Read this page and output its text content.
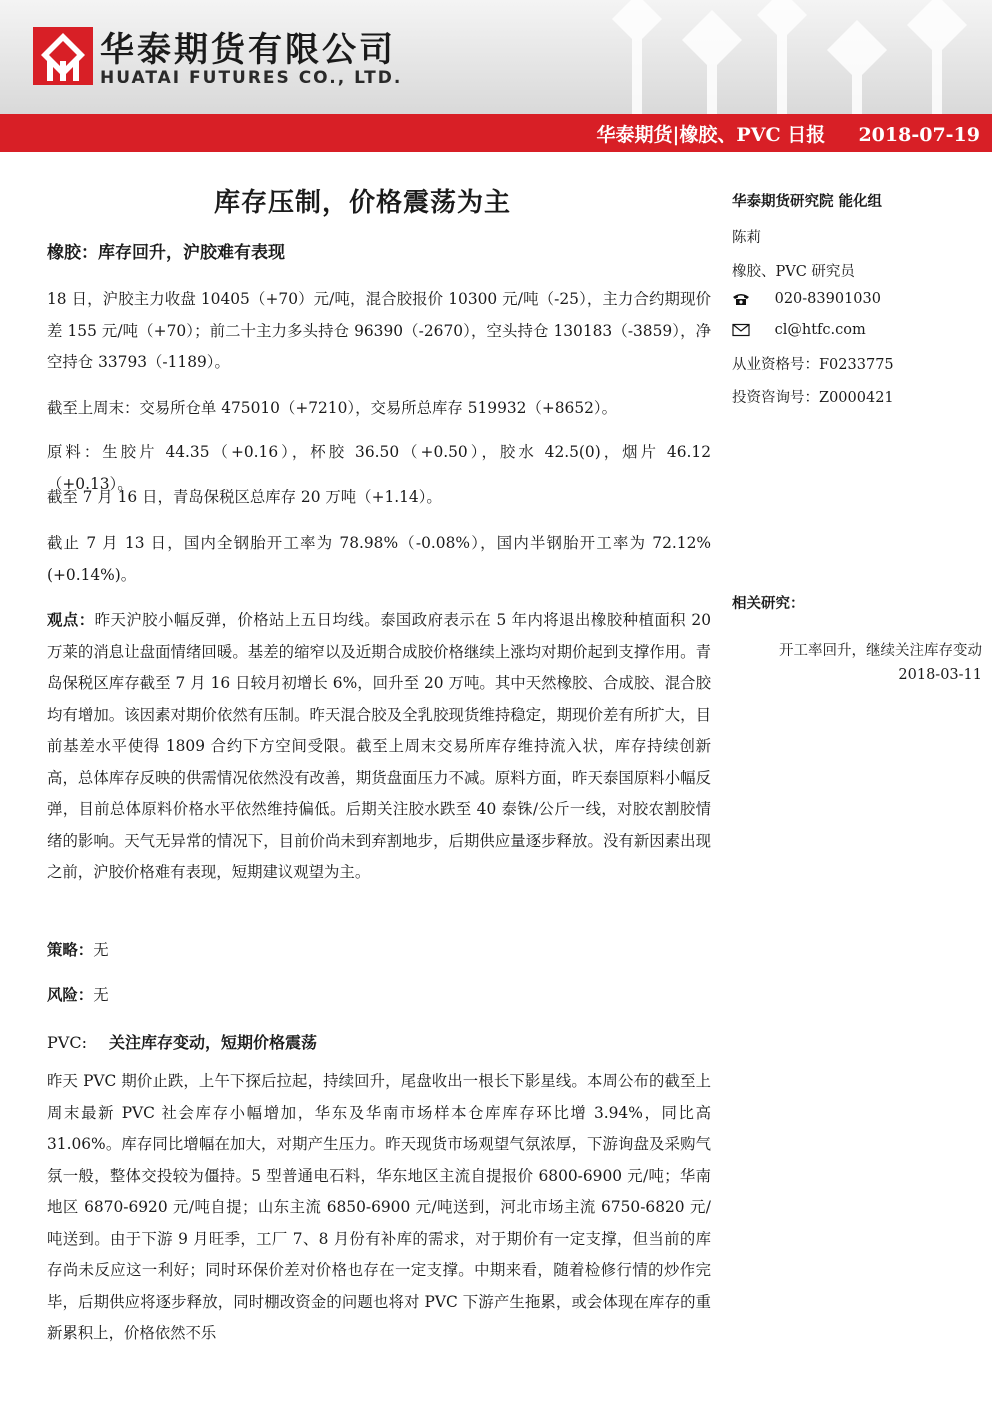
华泰期货有限公司
HUATAI FUTURES CO., LTD.
华泰期货|橡胶、PVC 日报 2018-07-19
库存压制，价格震荡为主
橡胶：库存回升，沪胶难有表现

18 日，沪胶主力收盘 10405（+70）元/吨，混合胶报价 10300 元/吨（-25），主力合约期现价差 155 元/吨（+70）；前二十主力多头持仓 96390（-2670），空头持仓 130183（-3859），净空持仓 33793（-1189）。

截至上周末：交易所仓单 475010（+7210），交易所总库存 519932（+8652）。

原料：生胶片 44.35（+0.16），杯胶 36.50（+0.50），胶水 42.5(0)，烟片 46.12（+0.13）。

截至 7 月 16 日，青岛保税区总库存 20 万吨（+1.14）。

截止 7 月 13 日，国内全钢胎开工率为 78.98%（-0.08%），国内半钢胎开工率为 72.12%(+0.14%)。

观点：昨天沪胶小幅反弹，价格站上五日均线。泰国政府表示在 5 年内将退出橡胶种植面积 20 万莱的消息让盘面情绪回暖。基差的缩窄以及近期合成胶价格继续上涨均对期价起到支撑作用。青岛保税区库存截至 7 月 16 日较月初增长 6%，回升至 20 万吨。其中天然橡胶、合成胶、混合胶均有增加。该因素对期价依然有压制。昨天混合胶及全乳胶现货维持稳定，期现价差有所扩大，目前基差水平使得 1809 合约下方空间受限。截至上周末交易所库存维持流入状，库存持续创新高，总体库存反映的供需情况依然没有改善，期货盘面压力不减。原料方面，昨天泰国原料小幅反弹，目前总体原料价格水平依然维持偏低。后期关注胶水跌至 40 泰铢/公斤一线，对胶农割胶情绪的影响。天气无异常的情况下，目前价尚未到弃割地步，后期供应量逐步释放。没有新因素出现之前，沪胶价格难有表现，短期建议观望为主。

策略：无

风险：无

PVC: 关注库存变动，短期价格震荡

昨天 PVC 期价止跌，上午下探后拉起，持续回升，尾盘收出一根长下影星线。本周公布的截至上周末最新 PVC 社会库存小幅增加，华东及华南市场样本仓库库存环比增 3.94%，同比高 31.06%。库存同比增幅在加大，对期产生压力。昨天现货市场观望气氛浓厚，下游询盘及采购气氛一般，整体交投较为僵持。5 型普通电石料，华东地区主流自提报价 6800-6900 元/吨；华南地区 6870-6920 元/吨自提；山东主流 6850-6900 元/吨送到，河北市场主流 6750-6820 元/吨送到。由于下游 9 月旺季，工厂 7、8 月份有补库的需求，对于期价有一定支撑，但当前的库存尚未反应这一利好；同时环保价差对价格也存在一定支撑。中期来看，随着检修行情的炒作完毕，后期供应将逐步释放，同时棚改资金的问题也将对 PVC 下游产生拖累，或会体现在库存的重新累积上，价格依然不乐

华泰期货研究院 能化组
陈莉
橡胶、PVC 研究员
020-83901030
cl@htfc.com
从业资格号：F0233775
投资咨询号：Z0000421
相关研究：
开工率回升，继续关注库存变动
2018-03-11
